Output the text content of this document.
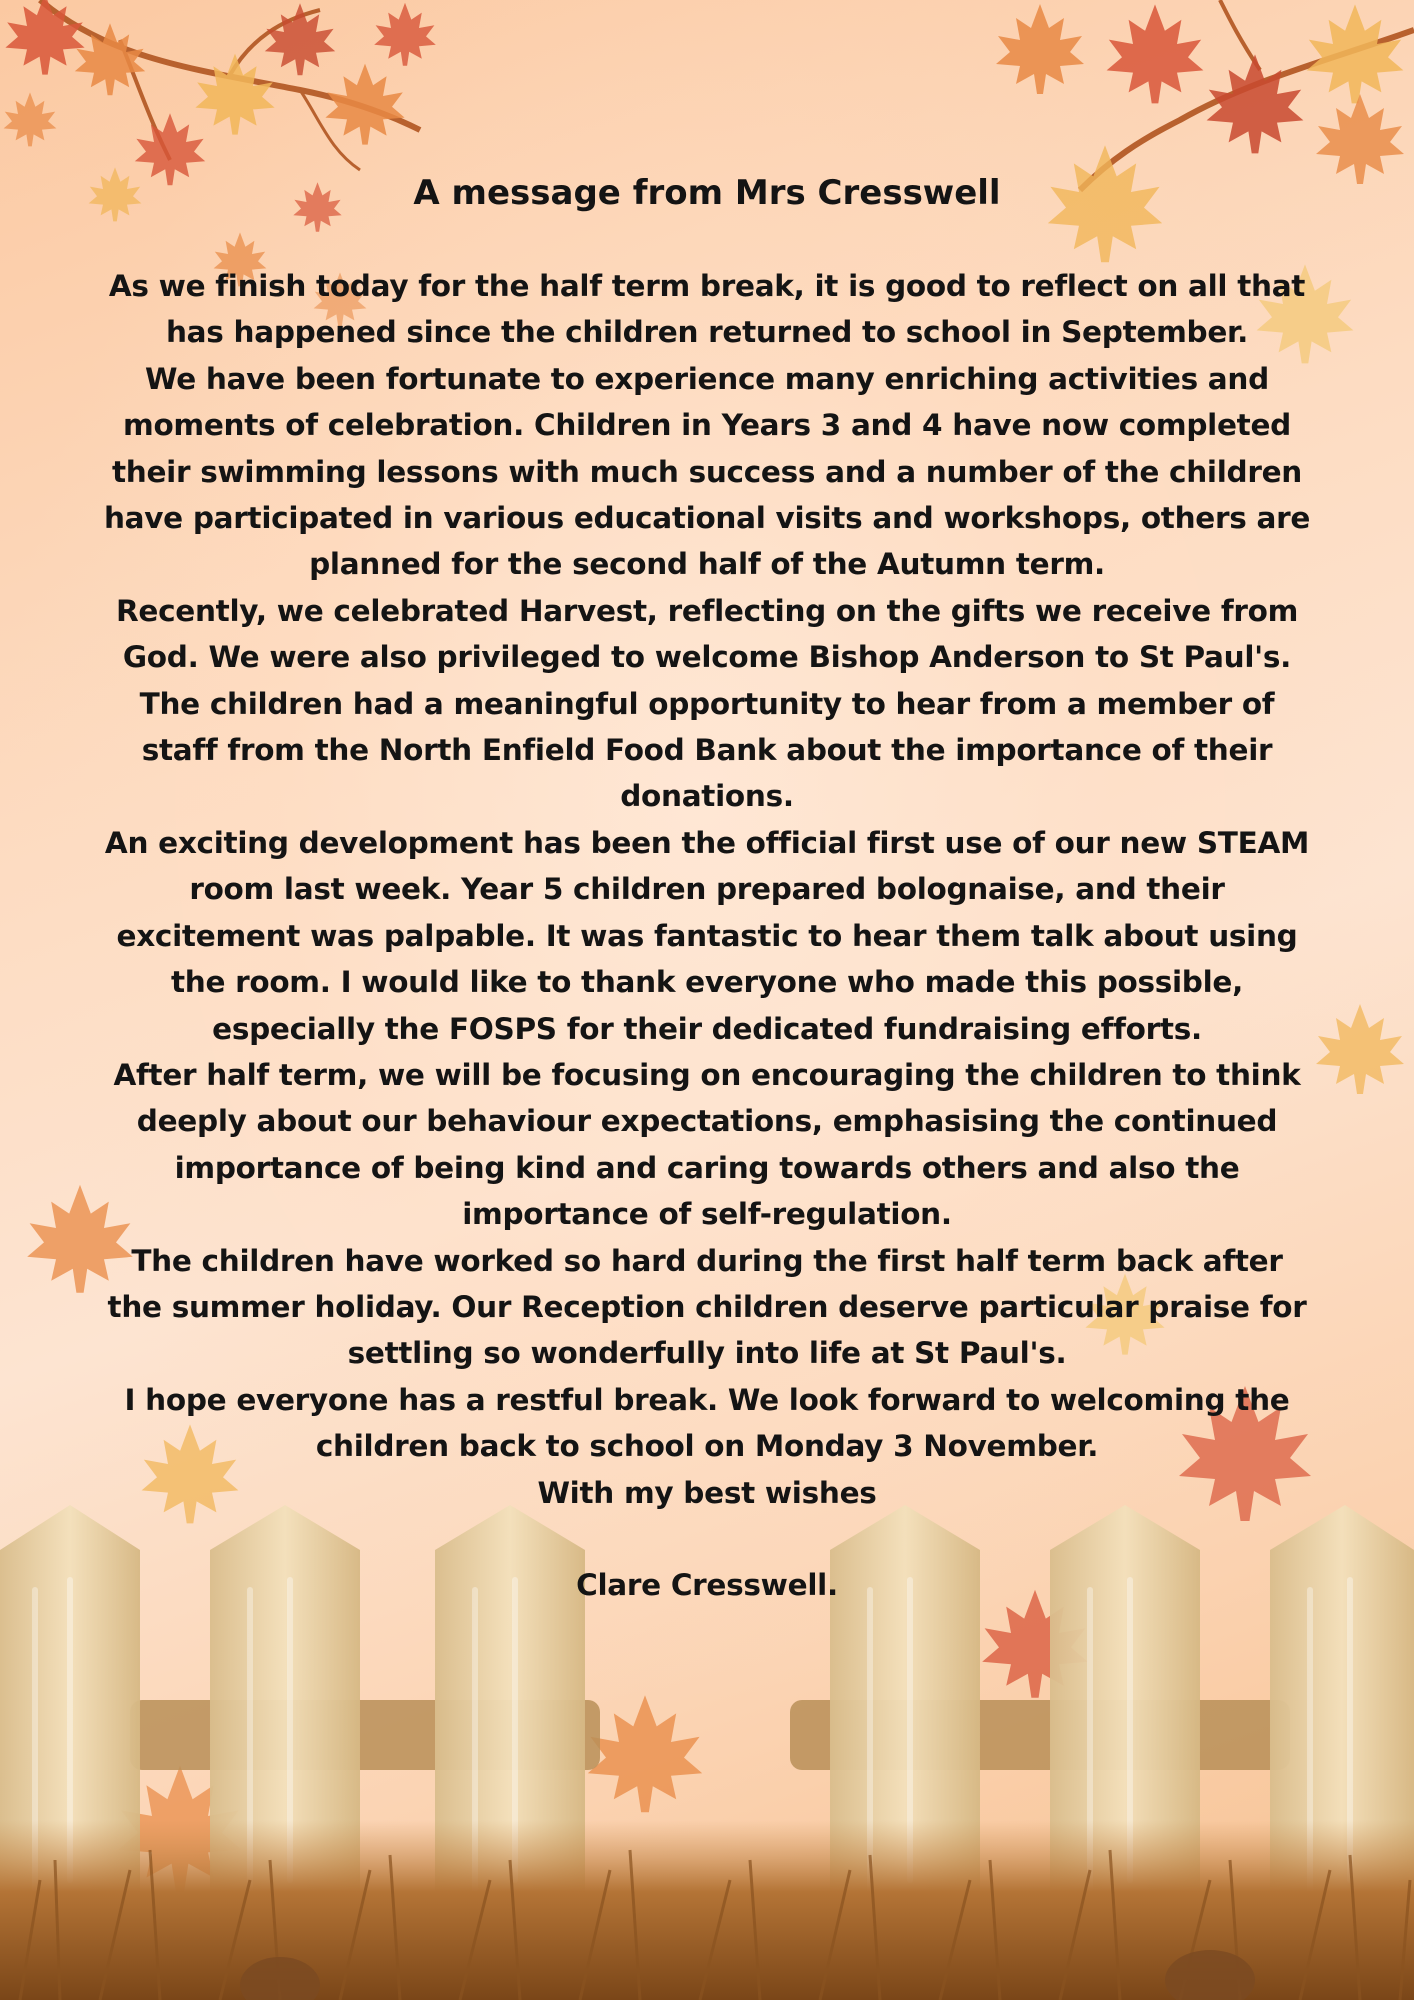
A message from Mrs Cresswell

As we finish today for the half term break, it is good to reflect on all that has happened since the children returned to school in September.

We have been fortunate to experience many enriching activities and moments of celebration. Children in Years 3 and 4 have now completed their swimming lessons with much success and a number of the children have participated in various educational visits and workshops, others are planned for the second half of the Autumn term.

Recently, we celebrated Harvest, reflecting on the gifts we receive from God. We were also privileged to welcome Bishop Anderson to St Paul's. The children had a meaningful opportunity to hear from a member of staff from the North Enfield Food Bank about the importance of their donations.

An exciting development has been the official first use of our new STEAM room last week. Year 5 children prepared bolognaise, and their excitement was palpable. It was fantastic to hear them talk about using the room. I would like to thank everyone who made this possible, especially the FOSPS for their dedicated fundraising efforts.

After half term, we will be focusing on encouraging the children to think deeply about our behaviour expectations, emphasising the continued importance of being kind and caring towards others and also the importance of self-regulation.

The children have worked so hard during the first half term back after the summer holiday. Our Reception children deserve particular praise for settling so wonderfully into life at St Paul's.

I hope everyone has a restful break. We look forward to welcoming the children back to school on Monday 3 November.

With my best wishes

Clare Cresswell.
